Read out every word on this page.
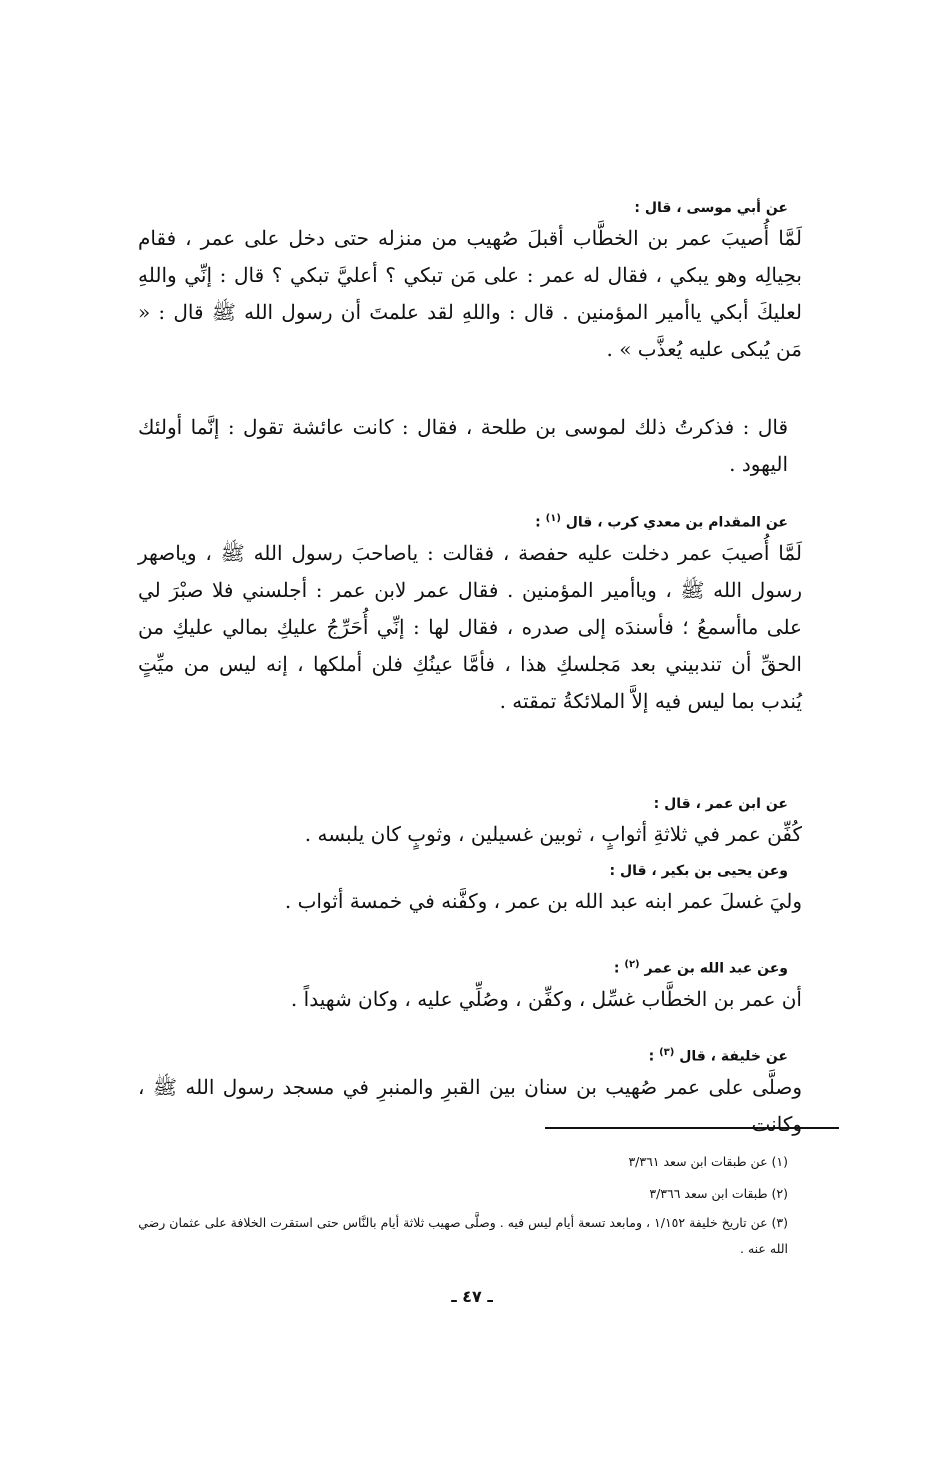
عن أبي موسى ، قال :

لَمَّا أُصيبَ عمر بن الخطَّاب أقبلَ صُهيب من منزله حتى دخل على عمر ، فقام بحِيالِه وهو يبكي ، فقال له عمر : على مَن تبكي ؟ أعليَّ تبكي ؟ قال : إنِّي واللهِ لعليكَ أبكي ياأمير المؤمنين . قال : واللهِ لقد علمتَ أن رسول الله ﷺ قال : « مَن يُبكى عليه يُعذَّب » .

قال : فذكرتُ ذلك لموسى بن طلحة ، فقال : كانت عائشة تقول : إنَّما أولئك اليهود .

عن المقدام بن معدي كرب ، قال $^{(١)}$ :

لَمَّا أُصيبَ عمر دخلت عليه حفصة ، فقالت : ياصاحبَ رسول الله ﷺ ، وياصهر رسول الله ﷺ ، وياأمير المؤمنين . فقال عمر لابن عمر : أجلسني فلا صبْرَ لي على ماأسمعُ ؛ فأسندَه إلى صدره ، فقال لها : إنِّي أُحَرِّجُ عليكِ بمالي عليكِ من الحقِّ أن تندبيني بعد مَجلسكِ هذا ، فأمَّا عينُكِ فلن أملكها ، إنه ليس من ميِّتٍ يُندب بما ليس فيه إلاَّ الملائكةُ تمقته .

عن ابن عمر ، قال :

كُفِّن عمر في ثلاثةِ أثوابٍ ، ثوبين غسيلين ، وثوبٍ كان يلبسه .

وعن يحيى بن بكير ، قال :

وليَ غسلَ عمر ابنه عبد الله بن عمر ، وكفَّنه في خمسة أثواب .

وعن عبد الله بن عمر $^{(٢)}$ :

أن عمر بن الخطَّاب غسِّل ، وكفِّن ، وصُلِّي عليه ، وكان شهيداً .

عن خليفة ، قال $^{(٣)}$ :

وصلَّى على عمر صُهيب بن سنان بين القبرِ والمنبرِ في مسجد رسول الله ﷺ ، وكانت

(١) عن طبقات ابن سعد ٣/٣٦١

(٢) طبقات ابن سعد ٣/٣٦٦

(٣) عن تاريخ خليفة ١/١٥٢ ، ومابعد تسعة أيام ليس فيه . وصلَّى صهيب ثلاثة أيام بالنَّاس حتى استقرت الخلافة على عثمان رضي الله عنه .

ـ ٤٧ ـ
